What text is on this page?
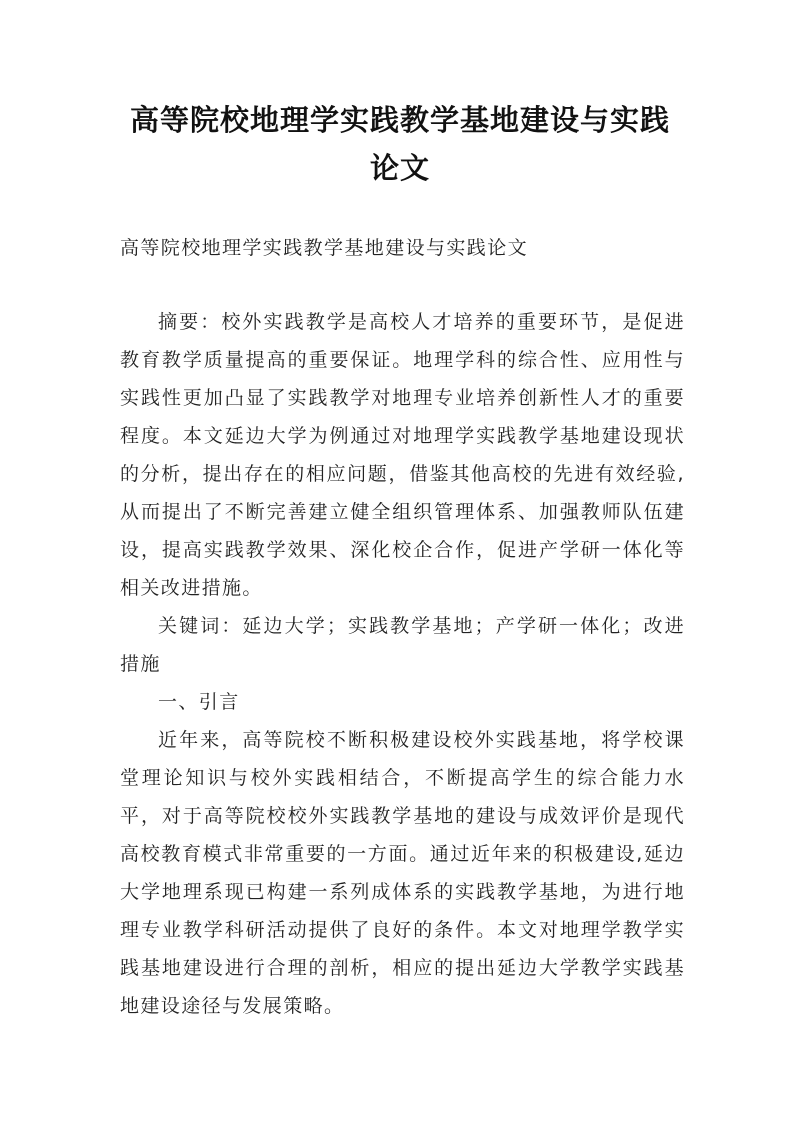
高等院校地理学实践教学基地建设与实践
论文
高等院校地理学实践教学基地建设与实践论文

摘要：校外实践教学是高校人才培养的重要环节，是促进教育教学质量提高的重要保证。地理学科的综合性、应用性与实践性更加凸显了实践教学对地理专业培养创新性人才的重要程度。本文延边大学为例通过对地理学实践教学基地建设现状的分析，提出存在的相应问题，借鉴其他高校的先进有效经验,从而提出了不断完善建立健全组织管理体系、加强教师队伍建设，提高实践教学效果、深化校企合作，促进产学研一体化等相关改进措施。

关键词：延边大学；实践教学基地；产学研一体化；改进措施

一、引言

近年来，高等院校不断积极建设校外实践基地，将学校课堂理论知识与校外实践相结合，不断提高学生的综合能力水平，对于高等院校校外实践教学基地的建设与成效评价是现代高校教育模式非常重要的一方面。通过近年来的积极建设,延边大学地理系现已构建一系列成体系的实践教学基地，为进行地理专业教学科研活动提供了良好的条件。本文对地理学教学实践基地建设进行合理的剖析，相应的提出延边大学教学实践基地建设途径与发展策略。
